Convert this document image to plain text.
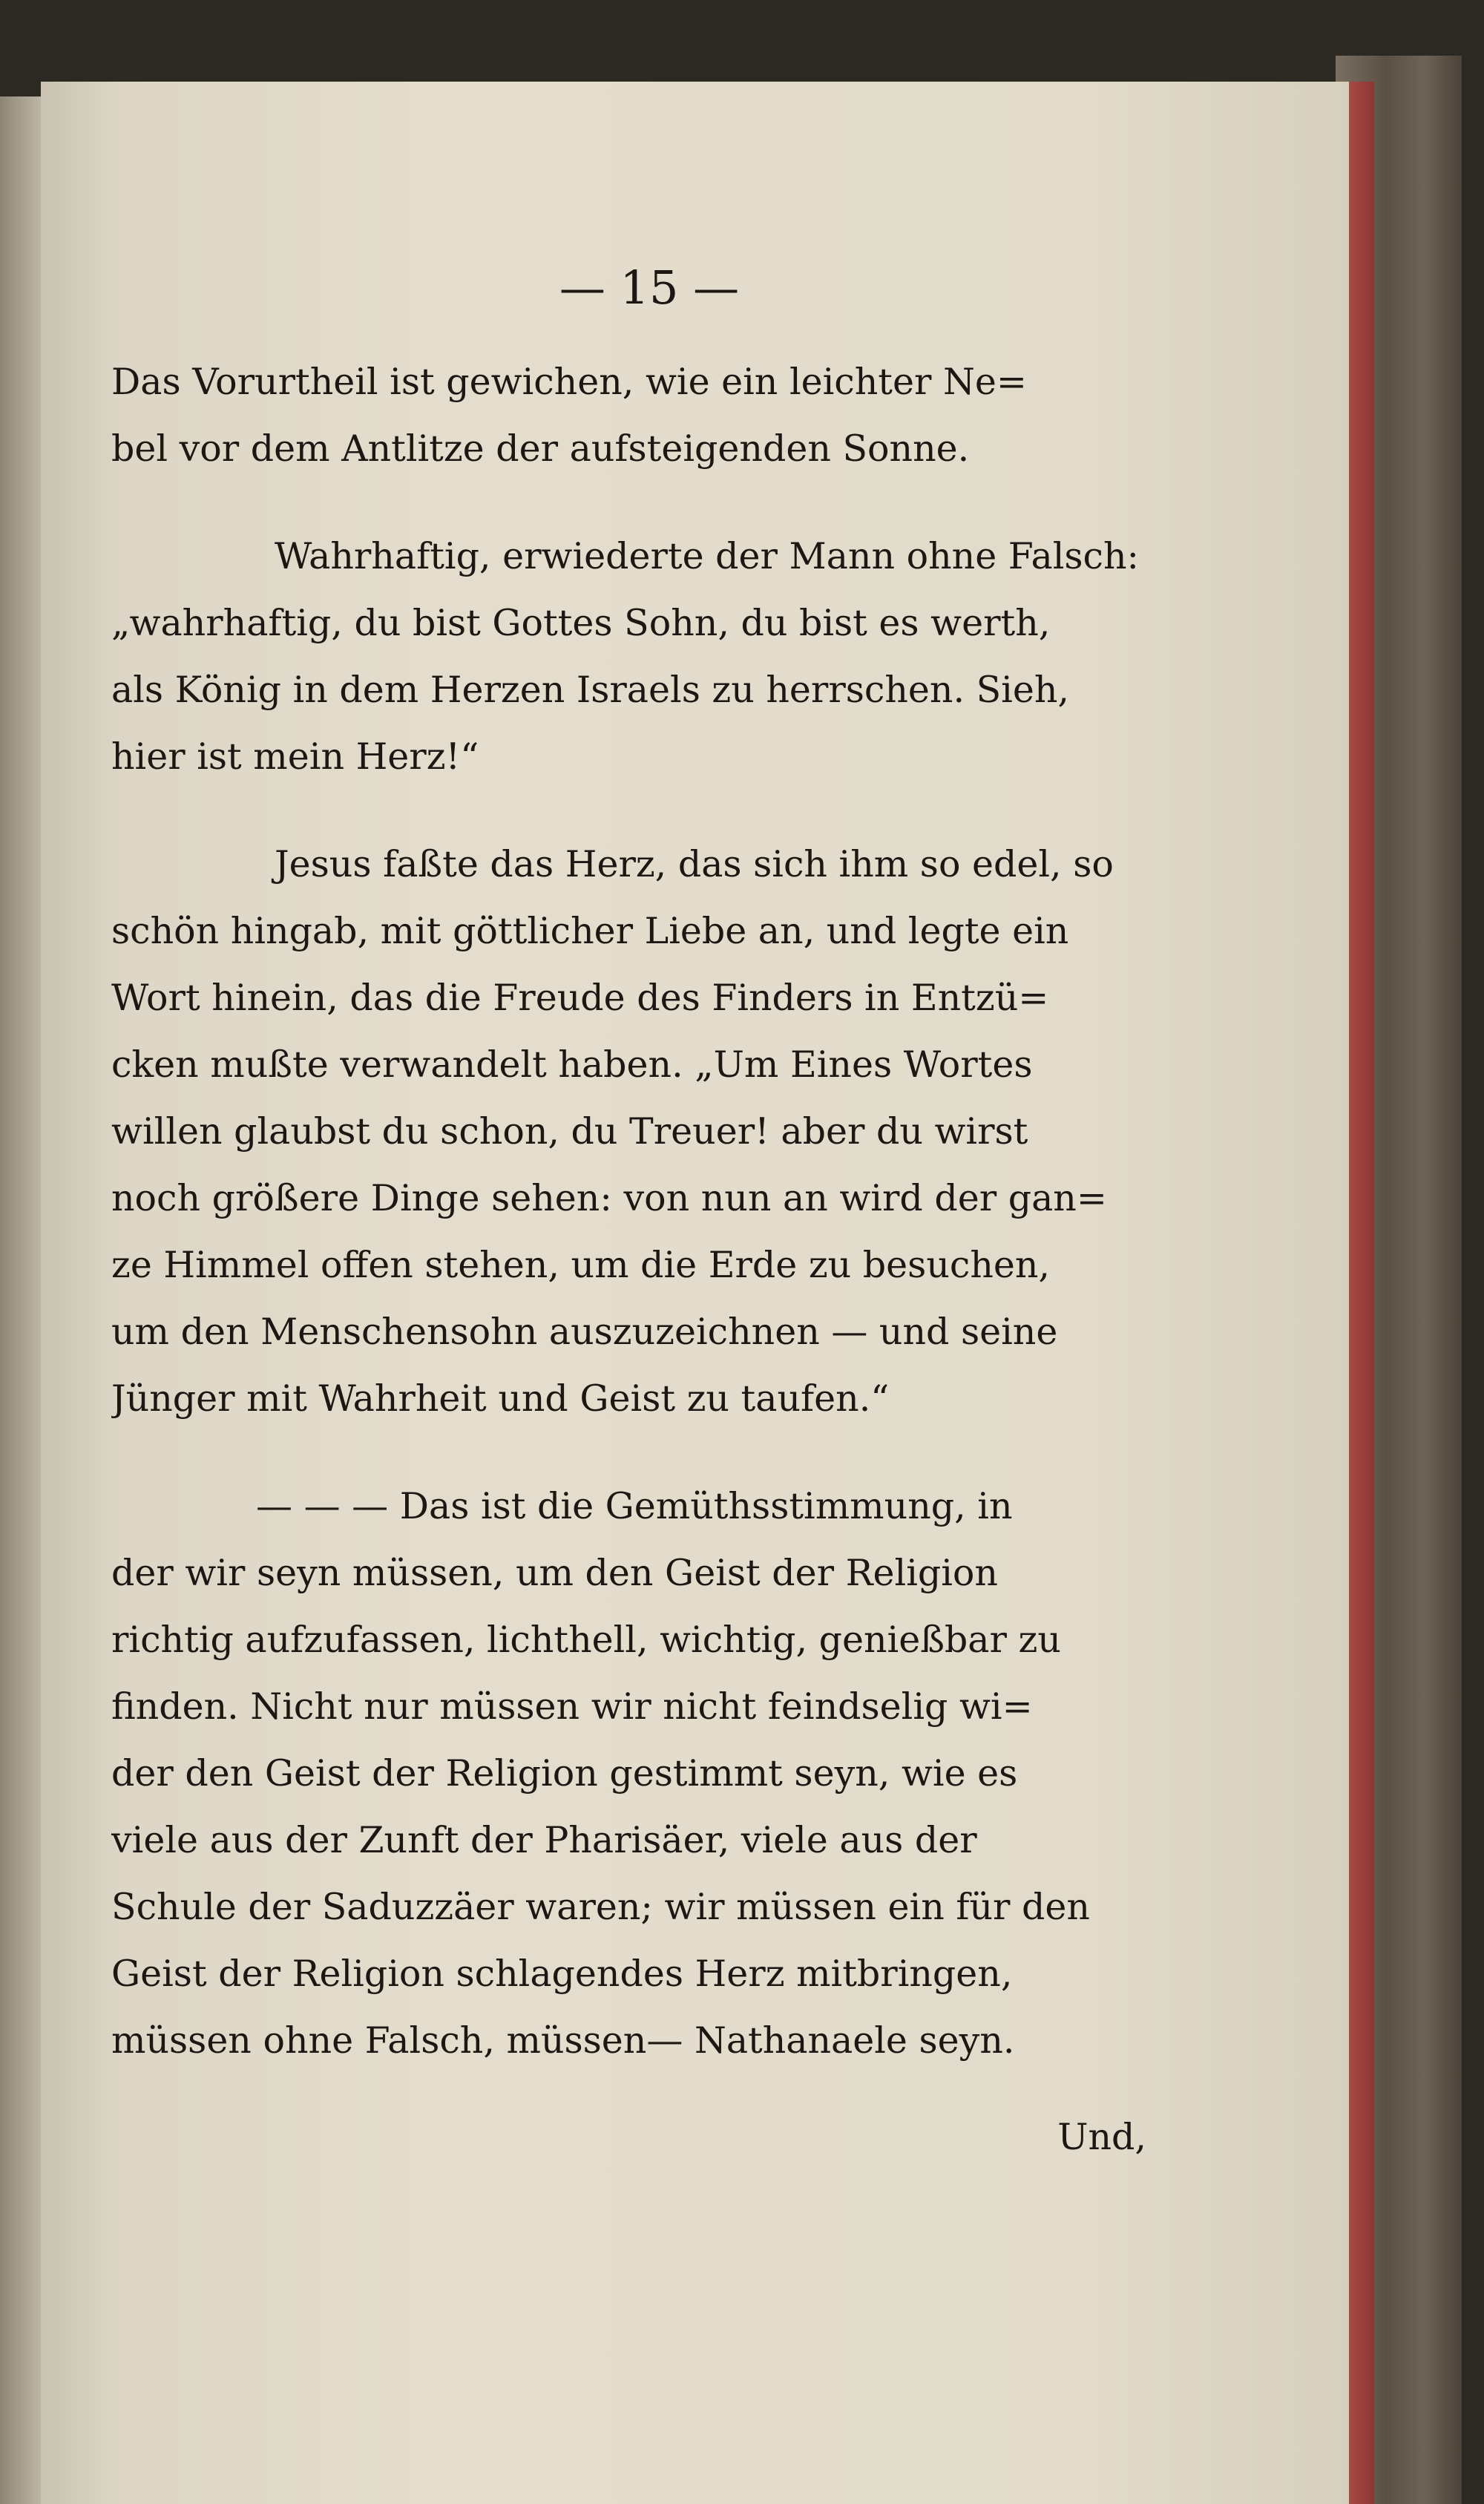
— 15 —
Das Vorurtheil ist gewichen, wie ein leichter Ne=
bel vor dem Antlitze der aufsteigenden Sonne.
Wahrhaftig, erwiederte der Mann ohne Falsch:
„wahrhaftig, du bist Gottes Sohn, du bist es werth,
als König in dem Herzen Israels zu herrschen. Sieh,
hier ist mein Herz!“
Jesus faßte das Herz, das sich ihm so edel, so
schön hingab, mit göttlicher Liebe an, und legte ein
Wort hinein, das die Freude des Finders in Entzü=
cken mußte verwandelt haben. „Um Eines Wortes
willen glaubst du schon, du Treuer! aber du wirst
noch größere Dinge sehen: von nun an wird der gan=
ze Himmel offen stehen, um die Erde zu besuchen,
um den Menschensohn auszuzeichnen — und seine
Jünger mit Wahrheit und Geist zu taufen.“
— — — Das ist die Gemüthsstimmung, in
der wir seyn müssen, um den Geist der Religion
richtig aufzufassen, lichthell, wichtig, genießbar zu
finden. Nicht nur müssen wir nicht feindselig wi=
der den Geist der Religion gestimmt seyn, wie es
viele aus der Zunft der Pharisäer, viele aus der
Schule der Saduzzäer waren; wir müssen ein für den
Geist der Religion schlagendes Herz mitbringen,
müssen ohne Falsch, müssen— Nathanaele seyn.
Und,
